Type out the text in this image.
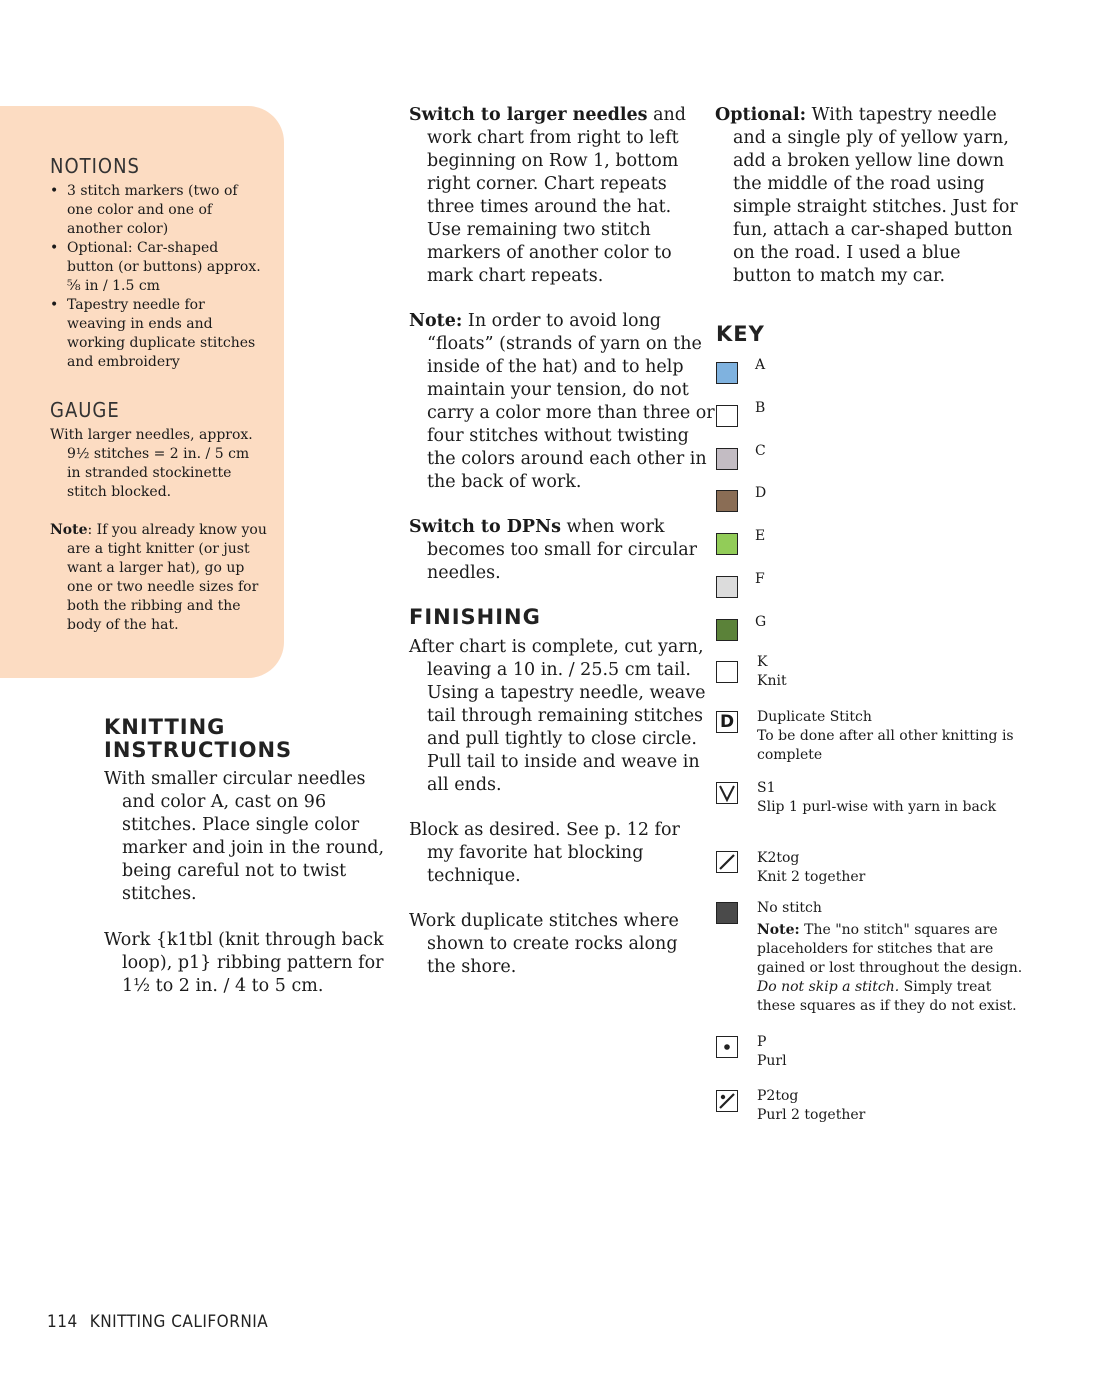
NOTIONS
• 3 stitch markers (two of one color and one of another color)
• Optional: Car-shaped button (or buttons) approx. ⅝ in / 1.5 cm
• Tapestry needle for weaving in ends and working duplicate stitches and embroidery
GAUGE

With larger needles, approx. 9½ stitches = 2 in. / 5 cm in stranded stockinette stitch blocked.

Note: If you already know you are a tight knitter (or just want a larger hat), go up one or two needle sizes for both the ribbing and the body of the hat.

KNITTING
INSTRUCTIONS

With smaller circular needles and color A, cast on 96 stitches. Place single color marker and join in the round, being careful not to twist stitches.

Work {k1tbl (knit through back loop), p1} ribbing pattern for 1½ to 2 in. / 4 to 5 cm.

Switch to larger needles and work chart from right to left beginning on Row 1, bottom right corner. Chart repeats three times around the hat. Use remaining two stitch markers of another color to mark chart repeats.

Note: In order to avoid long “floats” (strands of yarn on the inside of the hat) and to help maintain your tension, do not carry a color more than three or four stitches without twisting the colors around each other in the back of work.

Switch to DPNs when work becomes too small for circular needles.

FINISHING

After chart is complete, cut yarn, leaving a 10 in. / 25.5 cm tail. Using a tapestry needle, weave tail through remaining stitches and pull tightly to close circle. Pull tail to inside and weave in all ends.

Block as desired. See p. 12 for my favorite hat blocking technique.

Work duplicate stitches where shown to create rocks along the shore.

Optional: With tapestry needle and a single ply of yellow yarn, add a broken yellow line down the middle of the road using simple straight stitches. Just for fun, attach a car-shaped button on the road. I used a blue button to match my car.

KEY
A
B
C
D
E
F
G
K
Knit
D Duplicate Stitch
To be done after all other knitting is complete
S1
Slip 1 purl-wise with yarn in back
K2tog
Knit 2 together
No stitch
Note: The "no stitch" squares are placeholders for stitches that are gained or lost throughout the design. Do not skip a stitch. Simply treat these squares as if they do not exist.
P
Purl
P2tog
Purl 2 together
114 KNITTING CALIFORNIA
